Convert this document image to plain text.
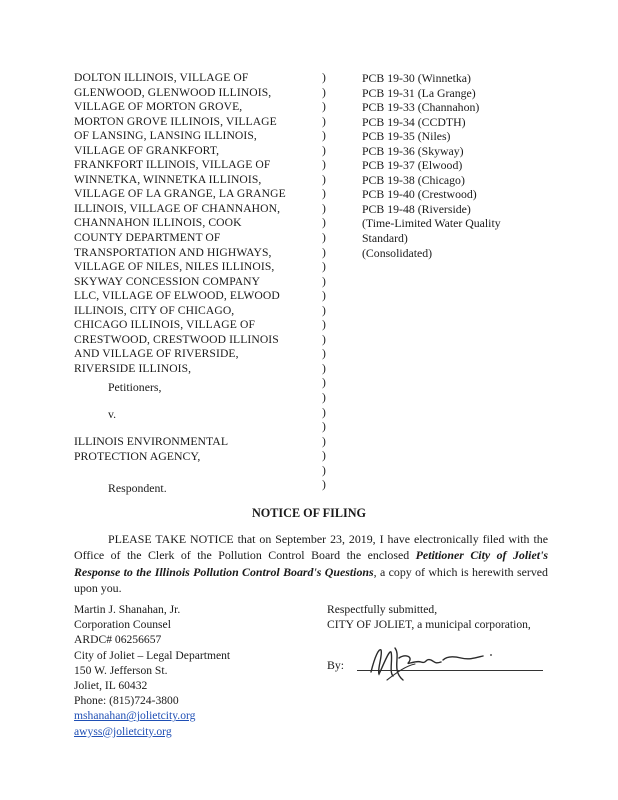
DOLTON ILLINOIS, VILLAGE OF
GLENWOOD, GLENWOOD ILLINOIS,
VILLAGE OF MORTON GROVE,
MORTON GROVE ILLINOIS, VILLAGE
OF LANSING, LANSING ILLINOIS,
VILLAGE OF GRANKFORT,
FRANKFORT ILLINOIS, VILLAGE OF
WINNETKA, WINNETKA ILLINOIS,
VILLAGE OF LA GRANGE, LA GRANGE
ILLINOIS, VILLAGE OF CHANNAHON,
CHANNAHON ILLINOIS, COOK
COUNTY DEPARTMENT OF
TRANSPORTATION AND HIGHWAYS,
VILLAGE OF NILES, NILES ILLINOIS,
SKYWAY CONCESSION COMPANY
LLC, VILLAGE OF ELWOOD, ELWOOD
ILLINOIS, CITY OF CHICAGO,
CHICAGO ILLINOIS, VILLAGE OF
CRESTWOOD, CRESTWOOD ILLINOIS
AND VILLAGE OF RIVERSIDE,
RIVERSIDE ILLINOIS,
Petitioners,
v.
ILLINOIS ENVIRONMENTAL
PROTECTION AGENCY,
Respondent.
)
)
)
)
)
)
)
)
)
)
)
)
)
)
)
)
)
)
)
)
)
)
)
)
)
)
)
)
)
PCB 19-30 (Winnetka)
PCB 19-31 (La Grange)
PCB 19-33 (Channahon)
PCB 19-34 (CCDTH)
PCB 19-35 (Niles)
PCB 19-36 (Skyway)
PCB 19-37 (Elwood)
PCB 19-38 (Chicago)
PCB 19-40 (Crestwood)
PCB 19-48 (Riverside)
(Time-Limited Water Quality
Standard)
(Consolidated)
NOTICE OF FILING
PLEASE TAKE NOTICE that on September 23, 2019, I have electronically filed with the Office of the Clerk of the Pollution Control Board the enclosed Petitioner City of Joliet's Response to the Illinois Pollution Control Board's Questions, a copy of which is herewith served upon you.
Martin J. Shanahan, Jr.
Corporation Counsel
ARDC# 06256657
City of Joliet – Legal Department
150 W. Jefferson St.
Joliet, IL 60432
Phone: (815)724-3800
mshanahan@jolietcity.org
awyss@jolietcity.org
Respectfully submitted,
CITY OF JOLIET, a municipal corporation,
By:
